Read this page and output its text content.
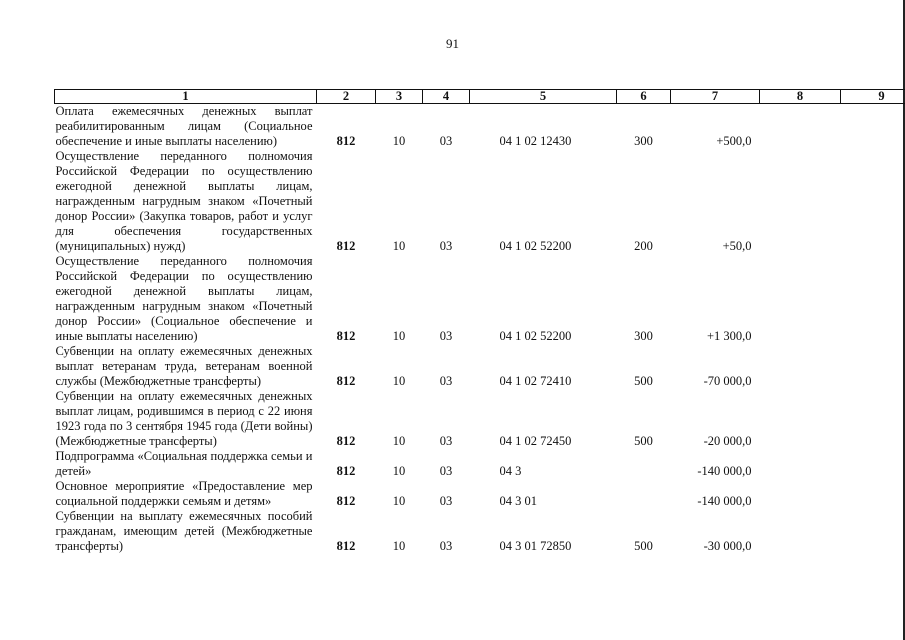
91
1	2	3	4	5	6	7	8	9
Оплата ежемесячных денежных выплат реабилитированным лицам (Социальное обеспечение и иные выплаты населению)	812	10	03	04 1 02 12430	300	+500,0		
Осуществление переданного полномочия Российской Федерации по осуществлению ежегодной денежной выплаты лицам, награжденным нагрудным знаком «Почетный донор России» (Закупка товаров, работ и услуг для обеспечения государственных (муниципальных) нужд)	812	10	03	04 1 02 52200	200	+50,0		
Осуществление переданного полномочия Российской Федерации по осуществлению ежегодной денежной выплаты лицам, награжденным нагрудным знаком «Почетный донор России» (Социальное обеспечение и иные выплаты населению)	812	10	03	04 1 02 52200	300	+1 300,0		
Субвенции на оплату ежемесячных денежных выплат ветеранам труда, ветеранам военной службы (Межбюджетные трансферты)	812	10	03	04 1 02 72410	500	-70 000,0		
Субвенции на оплату ежемесячных денежных выплат лицам, родившимся в период с 22 июня 1923 года по 3 сентября 1945 года (Дети войны) (Межбюджетные трансферты)	812	10	03	04 1 02 72450	500	-20 000,0		
Подпрограмма «Социальная поддержка семьи и детей»	812	10	03	04 3		-140 000,0		
Основное мероприятие «Предоставление мер социальной поддержки семьям и детям»	812	10	03	04 3 01		-140 000,0		
Субвенции на выплату ежемесячных пособий гражданам, имеющим детей (Межбюджетные трансферты)	812	10	03	04 3 01 72850	500	-30 000,0		
